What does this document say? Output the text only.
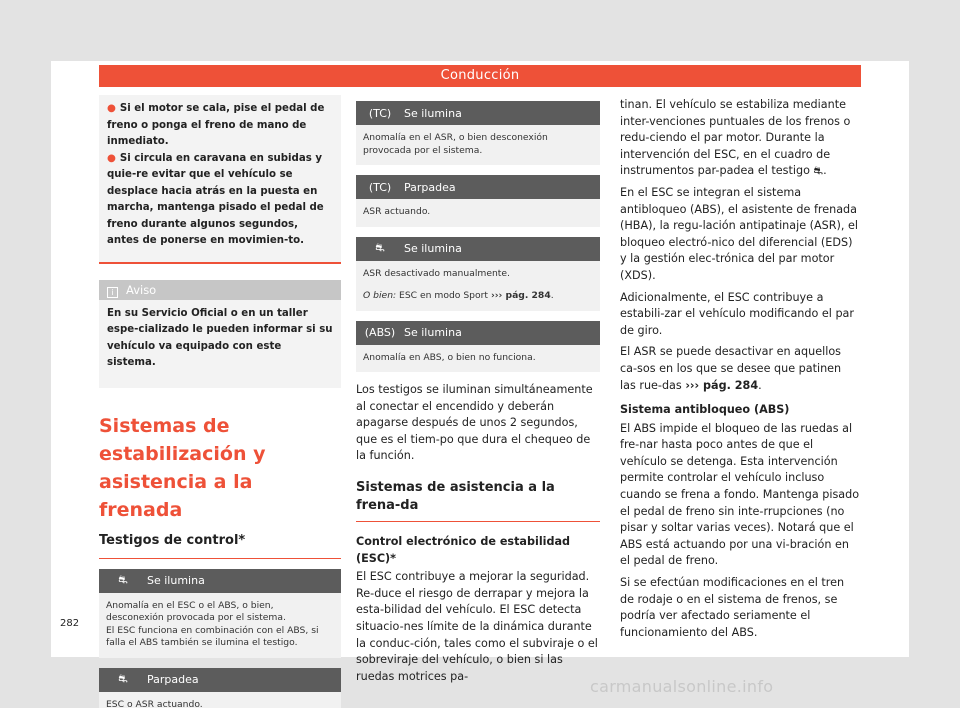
Conducción
● Si el motor se cala, pise el pedal de freno o ponga el freno de mano de inmediato.
● Si circula en caravana en subidas y quie-re evitar que el vehículo se desplace hacia atrás en la puesta en marcha, mantenga pisado el pedal de freno durante algunos segundos, antes de ponerse en movimien-to.
i Aviso
En su Servicio Oficial o en un taller espe-cializado le pueden informar si su vehículo va equipado con este sistema.
Sistemas de estabilización y asistencia a la frenada
Testigos de control*
⛐	Se ilumina

Anomalía en el ESC o el ABS, o bien, desconexión provocada por el sistema.

El ESC funciona en combinación con el ABS, si falla el ABS también se ilumina el testigo.

⛐	Parpadea

ESC o ASR actuando.

(TC)	Se ilumina

Anomalía en el ASR, o bien desconexión provocada por el sistema.

(TC)	Parpadea

ASR actuando.

⛐	Se ilumina

ASR desactivado manualmente.

O bien: ESC en modo Sport ››› pág. 284.

(ABS) Se ilumina

Anomalía en ABS, o bien no funciona.

Los testigos se iluminan simultáneamente al conectar el encendido y deberán apagarse después de unos 2 segundos, que es el tiem-po que dura el chequeo de la función.

Sistemas de asistencia a la frena-da
Control electrónico de estabilidad (ESC)*

El ESC contribuye a mejorar la seguridad. Re-duce el riesgo de derrapar y mejora la esta-bilidad del vehículo. El ESC detecta situacio-nes límite de la dinámica durante la conduc-ción, tales como el subviraje o el sobreviraje del vehículo, o bien si las ruedas motrices pa-

tinan. El vehículo se estabiliza mediante inter-venciones puntuales de los frenos o redu-ciendo el par motor. Durante la intervención del ESC, en el cuadro de instrumentos par-padea el testigo ⛐.

En el ESC se integran el sistema antibloqueo (ABS), el asistente de frenada (HBA), la regu-lación antipatinaje (ASR), el bloqueo electró-nico del diferencial (EDS) y la gestión elec-trónica del par motor (XDS).

Adicionalmente, el ESC contribuye a estabili-zar el vehículo modificando el par de giro.

El ASR se puede desactivar en aquellos ca-sos en los que se desee que patinen las rue-das ››› pág. 284.

Sistema antibloqueo (ABS)

El ABS impide el bloqueo de las ruedas al fre-nar hasta poco antes de que el vehículo se detenga. Esta intervención permite controlar el vehículo incluso cuando se frena a fondo. Mantenga pisado el pedal de freno sin inte-rrupciones (no pisar y soltar varias veces). Notará que el ABS está actuando por una vi-bración en el pedal de freno.

Si se efectúan modificaciones en el tren de rodaje o en el sistema de frenos, se podría ver afectado seriamente el funcionamiento del ABS.

282
carmanualsonline.info
